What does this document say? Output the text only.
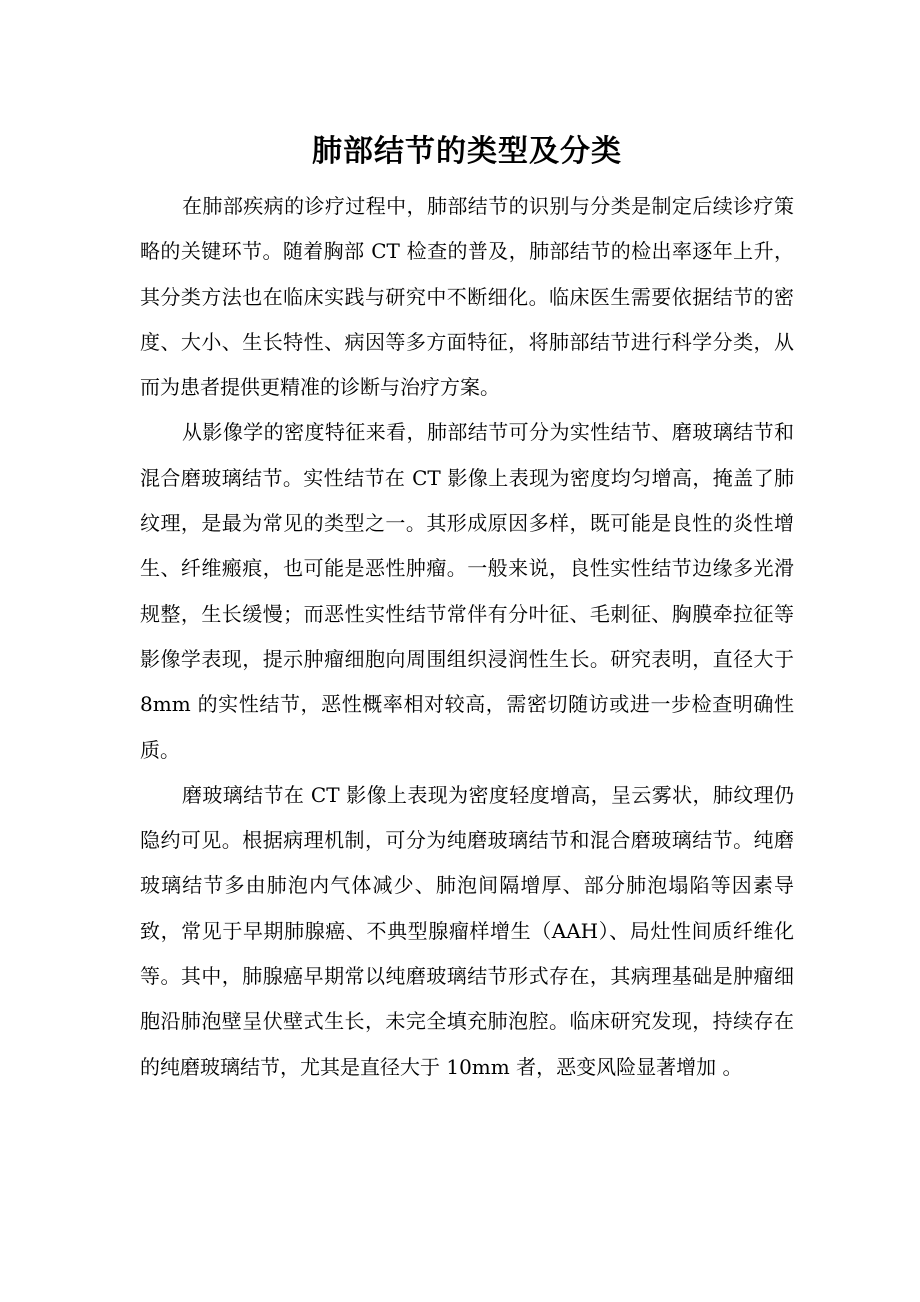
肺部结节的类型及分类

在肺部疾病的诊疗过程中，肺部结节的识别与分类是制定后续诊疗策略的关键环节。随着胸部 CT 检查的普及，肺部结节的检出率逐年上升，其分类方法也在临床实践与研究中不断细化。临床医生需要依据结节的密度、大小、生长特性、病因等多方面特征，将肺部结节进行科学分类，从而为患者提供更精准的诊断与治疗方案。

从影像学的密度特征来看，肺部结节可分为实性结节、磨玻璃结节和混合磨玻璃结节。实性结节在 CT 影像上表现为密度均匀增高，掩盖了肺纹理，是最为常见的类型之一。其形成原因多样，既可能是良性的炎性增生、纤维瘢痕，也可能是恶性肿瘤。一般来说，良性实性结节边缘多光滑规整，生长缓慢；而恶性实性结节常伴有分叶征、毛刺征、胸膜牵拉征等影像学表现，提示肿瘤细胞向周围组织浸润性生长。研究表明，直径大于 8mm 的实性结节，恶性概率相对较高，需密切随访或进一步检查明确性质。

磨玻璃结节在 CT 影像上表现为密度轻度增高，呈云雾状，肺纹理仍隐约可见。根据病理机制，可分为纯磨玻璃结节和混合磨玻璃结节。纯磨玻璃结节多由肺泡内气体减少、肺泡间隔增厚、部分肺泡塌陷等因素导致，常见于早期肺腺癌、不典型腺瘤样增生（AAH）、局灶性间质纤维化等。其中，肺腺癌早期常以纯磨玻璃结节形式存在，其病理基础是肿瘤细胞沿肺泡壁呈伏壁式生长，未完全填充肺泡腔。临床研究发现，持续存在的纯磨玻璃结节，尤其是直径大于 10mm 者，恶变风险显著增加 。
